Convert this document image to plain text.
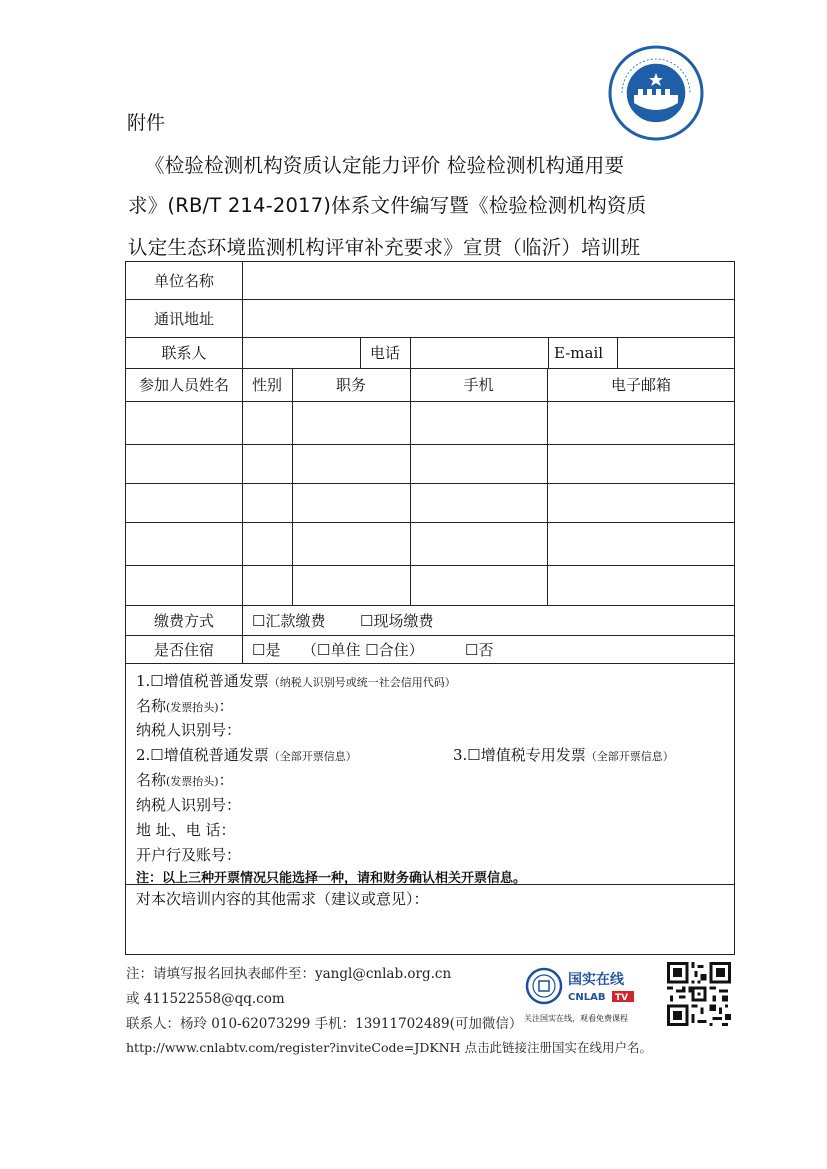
附件
《检验检测机构资质认定能力评价 检验检测机构通用要
求》(RB/T 214-2017)体系文件编写暨《检验检测机构资质
认定生态环境监测机构评审补充要求》宣贯（临沂）培训班
单位名称
通讯地址
联系人	电话	E-mail
参加人员姓名	性别	职务	手机	电子邮箱
缴费方式	☐汇款缴费 ☐现场缴费
是否住宿	☐是 （☐单住 ☐合住）	☐否
1.☐增值税普通发票（纳税人识别号或统一社会信用代码）
名称(发票抬头)：
纳税人识别号：
2.☐增值税普通发票（全部开票信息）	3.☐增值税专用发票（全部开票信息）
名称(发票抬头)：
纳税人识别号：
地 址、电 话：
开户行及账号：
注：以上三种开票情况只能选择一种，请和财务确认相关开票信息。
对本次培训内容的其他需求（建议或意见）：
注：请填写报名回执表邮件至：yangl@cnlab.org.cn
或 411522558@qq.com
联系人：杨玲 010-62073299 手机：13911702489(可加微信）
http://www.cnlabtv.com/register?inviteCode=JDKNH 点击此链接注册国实在线用户名。
国实在线
CNLAB TV
关注国实在线，观看免费课程
